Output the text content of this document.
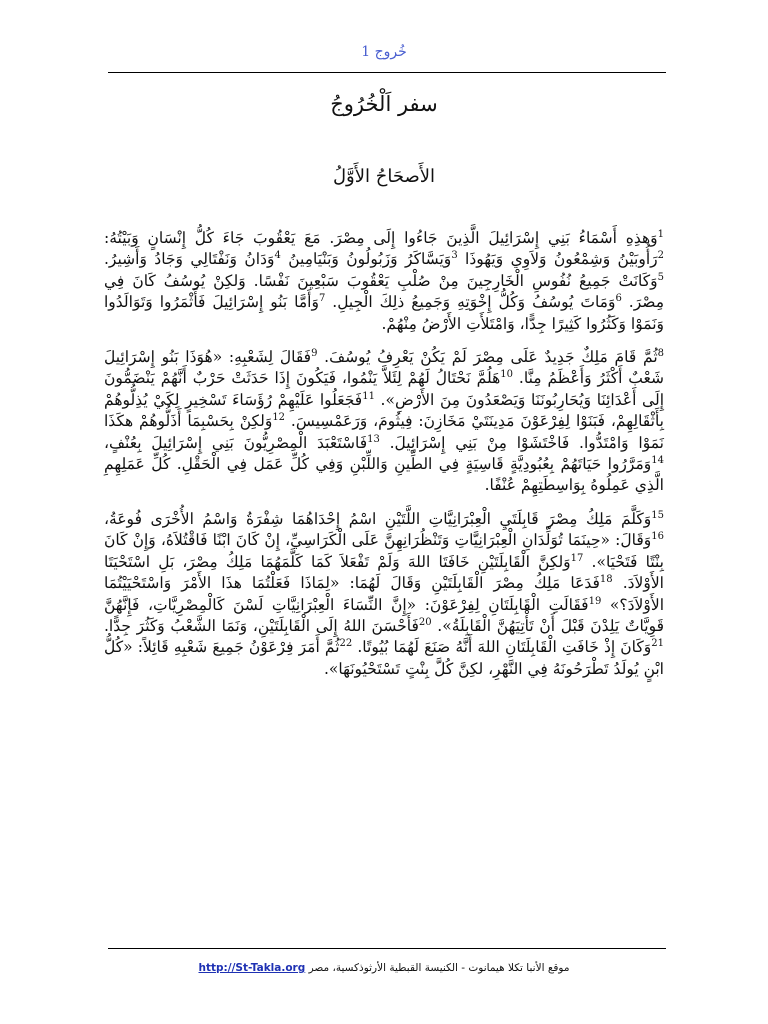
خُروج 1
سفر اَلْخُرُوجُ
الأَصحَاحُ الأَوَّلُ

$^1$وَهذِهِ أَسْمَاءُ بَنِي إِسْرَائِيلَ الَّذِينَ جَاءُوا إِلَى مِصْرَ. مَعَ يَعْقُوبَ جَاءَ كُلُّ إِنْسَانٍ وَبَيْتُهُ: $^2$رَأُوبَيْنُ وَشِمْعُونُ وَلاَوِي وَيَهُوذَا $^3$وَيَسَّاكَرُ وَزَبُولُونُ وَبَنْيَامِينُ $^4$وَدَانُ وَنَفْتَالِي وَجَادُ وَأَشِيرُ. $^5$وَكَانَتْ جَمِيعُ نُفُوسِ الْخَارِجِينَ مِنْ صُلْبِ يَعْقُوبَ سَبْعِينَ نَفْسًا. وَلكِنْ يُوسُفُ كَانَ فِي مِصْرَ. $^6$وَمَاتَ يُوسُفُ وَكُلُّ إِخْوَتِهِ وَجَمِيعُ ذلِكَ الْجِيلِ. $^7$وَأَمَّا بَنُو إِسْرَائِيلَ فَأَثْمَرُوا وَتَوَالَدُوا وَنَمَوْا وَكَثُرُوا كَثِيرًا جِدًّا، وَامْتَلأَتِ الأَرْضُ مِنْهُمْ.

$^8$ثُمَّ قَامَ مَلِكٌ جَدِيدٌ عَلَى مِصْرَ لَمْ يَكُنْ يَعْرِفُ يُوسُفَ. $^9$فَقَالَ لِشَعْبِهِ: «هُوَذَا بَنُو إِسْرَائِيلَ شَعْبٌ أَكْثَرُ وَأَعْظَمُ مِنَّا. $^{10}$هَلُمَّ نَحْتَالُ لَهُمْ لِئَلاَّ يَنْمُوا، فَيَكُونَ إِذَا حَدَثَتْ حَرْبٌ أَنَّهُمْ يَنْضَمُّونَ إِلَى أَعْدَائِنَا وَيُحَارِبُونَنَا وَيَصْعَدُونَ مِنَ الأَرْضِ». $^{11}$فَجَعَلُوا عَلَيْهِمْ رُؤَسَاءَ تَسْخِيرٍ لِكَيْ يُذِلُّوهُمْ بِأَثْقَالِهِمْ، فَبَنَوْا لِفِرْعَوْنَ مَدِينَتَيْ مَخَازِنَ: فِيثُومَ، وَرَعَمْسِيسَ. $^{12}$وَلكِنْ بِحَسْبِمَا أَذَلُّوهُمْ هكَذَا نَمَوْا وَامْتَدُّوا. فَاخْتَشَوْا مِنْ بَنِي إِسْرَائِيلَ. $^{13}$فَاسْتَعْبَدَ الْمِصْرِيُّونَ بَنِي إِسْرَائِيلَ بِعُنْفٍ، $^{14}$وَمَرَّرُوا حَيَاتَهُمْ بِعُبُودِيَّةٍ قَاسِيَةٍ فِي الطِّينِ وَاللِّبْنِ وَفِي كُلِّ عَمَل فِي الْحَقْلِ. كُلِّ عَمَلِهِمِ الَّذِي عَمِلُوهُ بِوَاسِطَتِهِمْ عُنْفًا.

$^{15}$وَكَلَّمَ مَلِكُ مِصْرَ قَابِلَتَيِ الْعِبْرَانِيَّاتِ اللَّتَيْنِ اسْمُ إِحْدَاهُمَا شِفْرَةُ وَاسْمُ الأُخْرَى فُوعَةُ، $^{16}$وَقَالَ: «حِينَمَا تُوَلِّدَانِ الْعِبْرَانِيَّاتِ وَتَنْظُرَانِهِنَّ عَلَى الْكَرَاسِيِّ، إِنْ كَانَ ابْنًا فَاقْتُلاَهُ، وَإِنْ كَانَ بِنْتًا فَتَحْيَا». $^{17}$وَلكِنَّ الْقَابِلَتَيْنِ خَافَتَا اللهَ وَلَمْ تَفْعَلاَ كَمَا كَلَّمَهُمَا مَلِكُ مِصْرَ، بَلِ اسْتَحْيَتَا الأَوْلاَدَ. $^{18}$فَدَعَا مَلِكُ مِصْرَ الْقَابِلَتَيْنِ وَقَالَ لَهُمَا: «لِمَاذَا فَعَلْتُمَا هذَا الأَمْرَ وَاسْتَحْيَيْتُمَا الأَوْلاَدَ؟» $^{19}$فَقَالَتِ الْقَابِلَتَانِ لِفِرْعَوْنَ: «إِنَّ النِّسَاءَ الْعِبْرَانِيَّاتِ لَسْنَ كَالْمِصْرِيَّاتِ، فَإِنَّهُنَّ قَوِيَّاتٌ يَلِدْنَ قَبْلَ أَنْ تَأْتِيَهُنَّ الْقَابِلَةُ». $^{20}$فَأَحْسَنَ اللهُ إِلَى الْقَابِلَتَيْنِ، وَنَمَا الشَّعْبُ وَكَثُرَ جِدًّا. $^{21}$وَكَانَ إِذْ خَافَتِ الْقَابِلَتَانِ اللهَ أَنَّهُ صَنَعَ لَهُمَا بُيُوتًا. $^{22}$ثُمَّ أَمَرَ فِرْعَوْنُ جَمِيعَ شَعْبِهِ قَائِلاً: «كُلُّ ابْنٍ يُولَدُ تَطْرَحُونَهُ فِي النَّهْرِ، لكِنَّ كُلَّ بِنْتٍ تَسْتَحْيُونَهَا».

موقع الأنبا تكلا هيمانوت - الكنيسة القبطية الأرثوذكسية، مصر http://St-Takla.org
